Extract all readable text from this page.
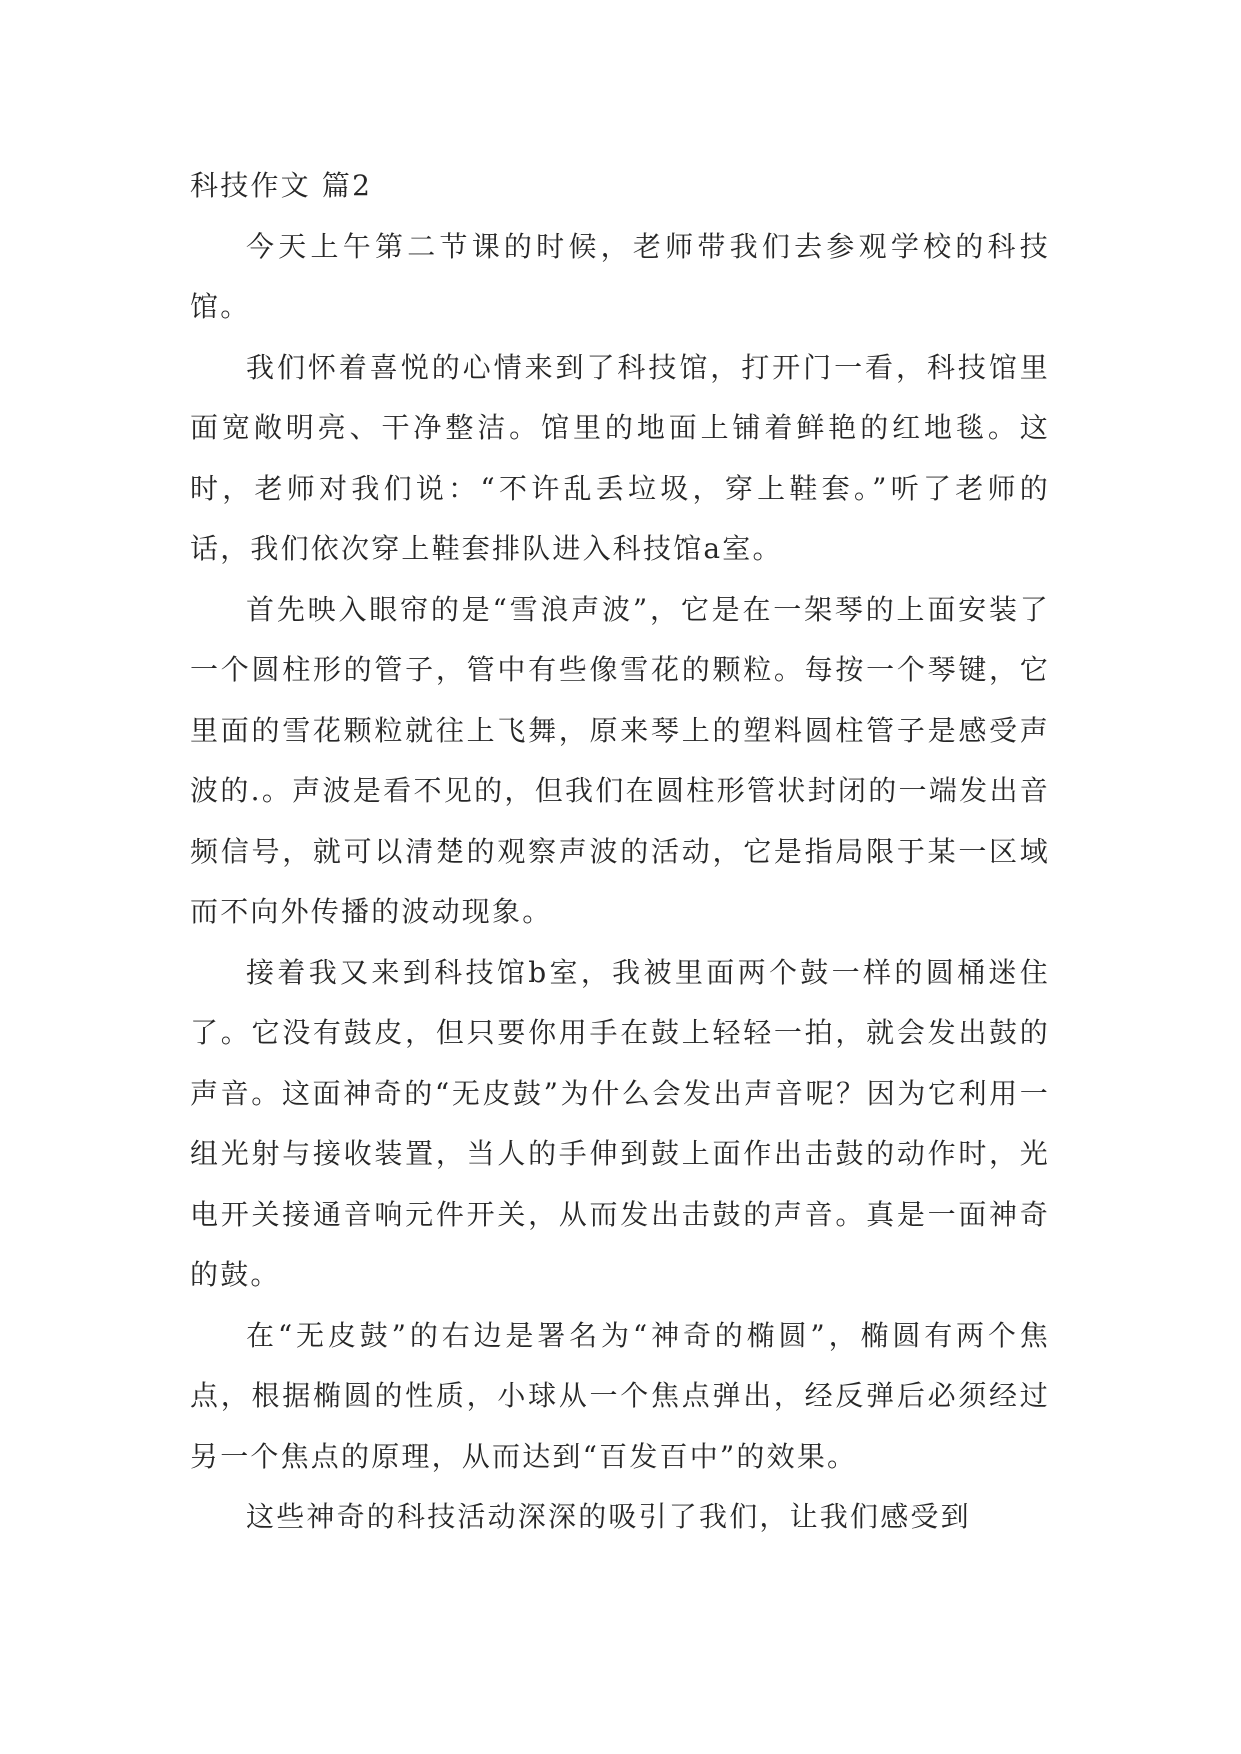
科技作文 篇2

今天上午第二节课的时候，老师带我们去参观学校的科技馆。

我们怀着喜悦的心情来到了科技馆，打开门一看，科技馆里面宽敞明亮、干净整洁。馆里的地面上铺着鲜艳的红地毯。这时，老师对我们说：“不许乱丢垃圾，穿上鞋套。”听了老师的话，我们依次穿上鞋套排队进入科技馆a室。

首先映入眼帘的是“雪浪声波”，它是在一架琴的上面安装了一个圆柱形的管子，管中有些像雪花的颗粒。每按一个琴键，它里面的雪花颗粒就往上飞舞，原来琴上的塑料圆柱管子是感受声波的.。声波是看不见的，但我们在圆柱形管状封闭的一端发出音频信号，就可以清楚的观察声波的活动，它是指局限于某一区域而不向外传播的波动现象。

接着我又来到科技馆b室，我被里面两个鼓一样的圆桶迷住了。它没有鼓皮，但只要你用手在鼓上轻轻一拍，就会发出鼓的声音。这面神奇的“无皮鼓”为什么会发出声音呢？因为它利用一组光射与接收装置，当人的手伸到鼓上面作出击鼓的动作时，光电开关接通音响元件开关，从而发出击鼓的声音。真是一面神奇的鼓。

在“无皮鼓”的右边是署名为“神奇的椭圆”，椭圆有两个焦点，根据椭圆的性质，小球从一个焦点弹出，经反弹后必须经过另一个焦点的原理，从而达到“百发百中”的效果。

这些神奇的科技活动深深的吸引了我们，让我们感受到
